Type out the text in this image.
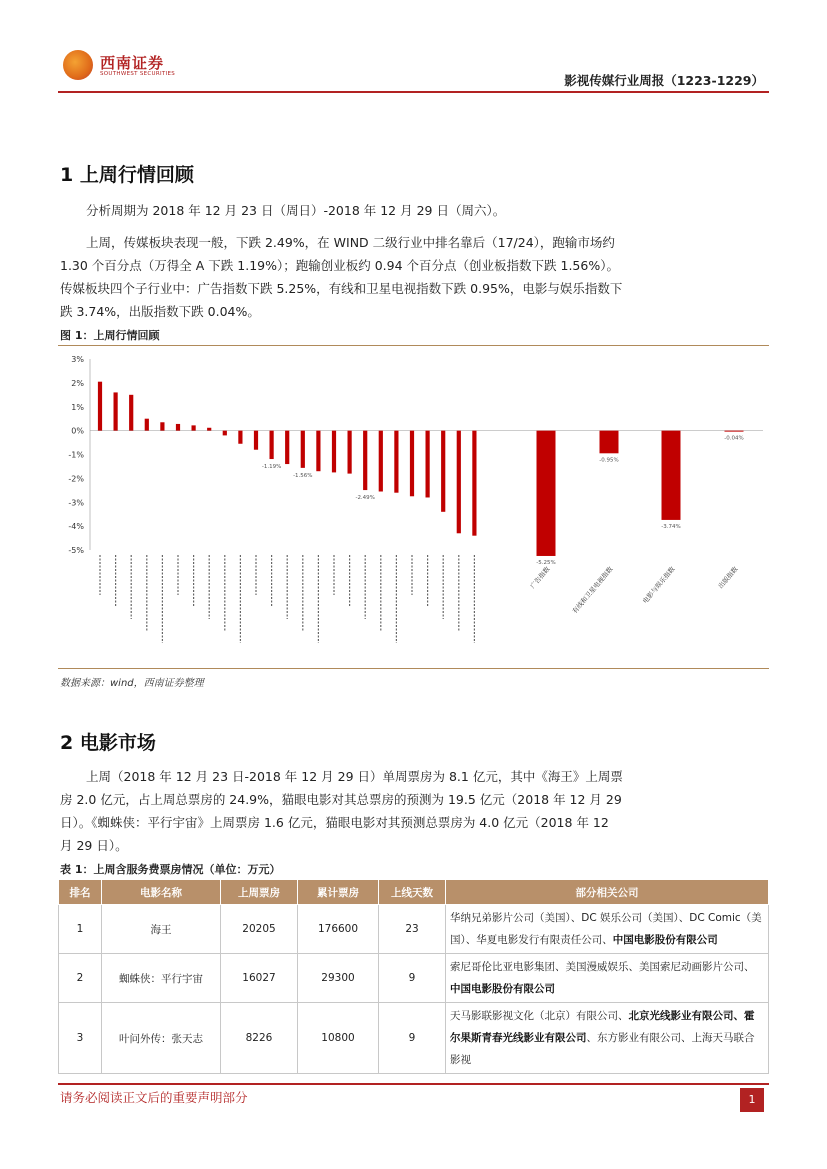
西南证券
SOUTHWEST SECURITIES	影视传媒行业周报（1223-1229）
1 上周行情回顾

分析周期为 2018 年 12 月 23 日（周日）-2018 年 12 月 29 日（周六）。

上周，传媒板块表现一般，下跌 2.49%，在 WIND 二级行业中排名靠后（17/24），跑输市场约 1.30 个百分点（万得全 A 下跌 1.19%）；跑输创业板约 0.94 个百分点（创业板指数下跌 1.56%）。传媒板块四个子行业中：广告指数下跌 5.25%，有线和卫星电视指数下跌 0.95%，电影与娱乐指数下跌 3.74%，出版指数下跌 0.04%。

图 1：上周行情回顾
3%
2%
1%
0%
-1%
-2%
-3%
-4%
-5%
-1.19%
-1.56%
-2.49%
-5.25%
广告指数
-0.95%
有线和卫星电视指数
-3.74%
电影与娱乐指数
-0.04%
出版指数
数据来源：wind，西南证券整理
2 电影市场

上周（2018 年 12 月 23 日-2018 年 12 月 29 日）单周票房为 8.1 亿元，其中《海王》上周票房 2.0 亿元，占上周总票房的 24.9%，猫眼电影对其总票房的预测为 19.5 亿元（2018 年 12 月 29 日）。《蜘蛛侠：平行宇宙》上周票房 1.6 亿元，猫眼电影对其预测总票房为 4.0 亿元（2018 年 12 月 29 日）。

表 1：上周含服务费票房情况（单位：万元）
排名	电影名称	上周票房	累计票房	上线天数	部分相关公司
1	海王	20205	176600	23	华纳兄弟影片公司（美国）、DC 娱乐公司（美国）、DC Comic（美国）、华夏电影发行有限责任公司、中国电影股份有限公司
2	蜘蛛侠：平行宇宙	16027	29300	9	索尼哥伦比亚电影集团、美国漫威娱乐、美国索尼动画影片公司、中国电影股份有限公司
3	叶问外传：张天志	8226	10800	9	天马影联影视文化（北京）有限公司、北京光线影业有限公司、霍尔果斯青春光线影业有限公司、东方影业有限公司、上海天马联合影视
请务必阅读正文后的重要声明部分	1
